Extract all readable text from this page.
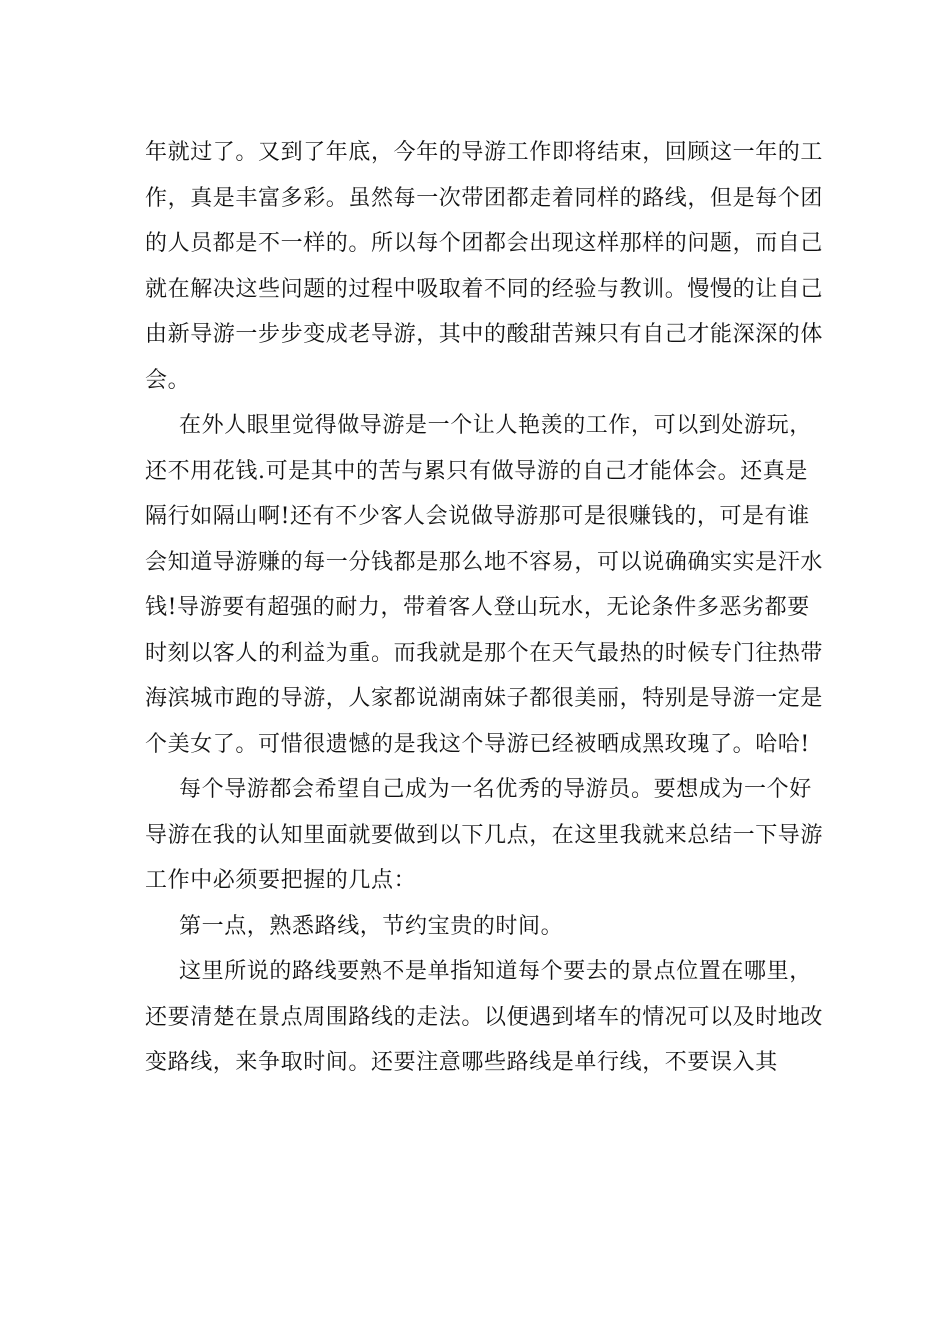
年就过了。又到了年底，今年的导游工作即将结束，回顾这一年的工作，真是丰富多彩。虽然每一次带团都走着同样的路线，但是每个团的人员都是不一样的。所以每个团都会出现这样那样的问题，而自己就在解决这些问题的过程中吸取着不同的经验与教训。慢慢的让自己由新导游一步步变成老导游，其中的酸甜苦辣只有自己才能深深的体会。

在外人眼里觉得做导游是一个让人艳羡的工作，可以到处游玩，还不用花钱.可是其中的苦与累只有做导游的自己才能体会。还真是隔行如隔山啊!还有不少客人会说做导游那可是很赚钱的，可是有谁会知道导游赚的每一分钱都是那么地不容易，可以说确确实实是汗水钱!导游要有超强的耐力，带着客人登山玩水，无论条件多恶劣都要时刻以客人的利益为重。而我就是那个在天气最热的时候专门往热带海滨城市跑的导游，人家都说湖南妹子都很美丽，特别是导游一定是个美女了。可惜很遗憾的是我这个导游已经被晒成黑玫瑰了。哈哈!

每个导游都会希望自己成为一名优秀的导游员。要想成为一个好导游在我的认知里面就要做到以下几点，在这里我就来总结一下导游工作中必须要把握的几点：

第一点，熟悉路线，节约宝贵的时间。

这里所说的路线要熟不是单指知道每个要去的景点位置在哪里，还要清楚在景点周围路线的走法。以便遇到堵车的情况可以及时地改变路线，来争取时间。还要注意哪些路线是单行线，不要误入其
